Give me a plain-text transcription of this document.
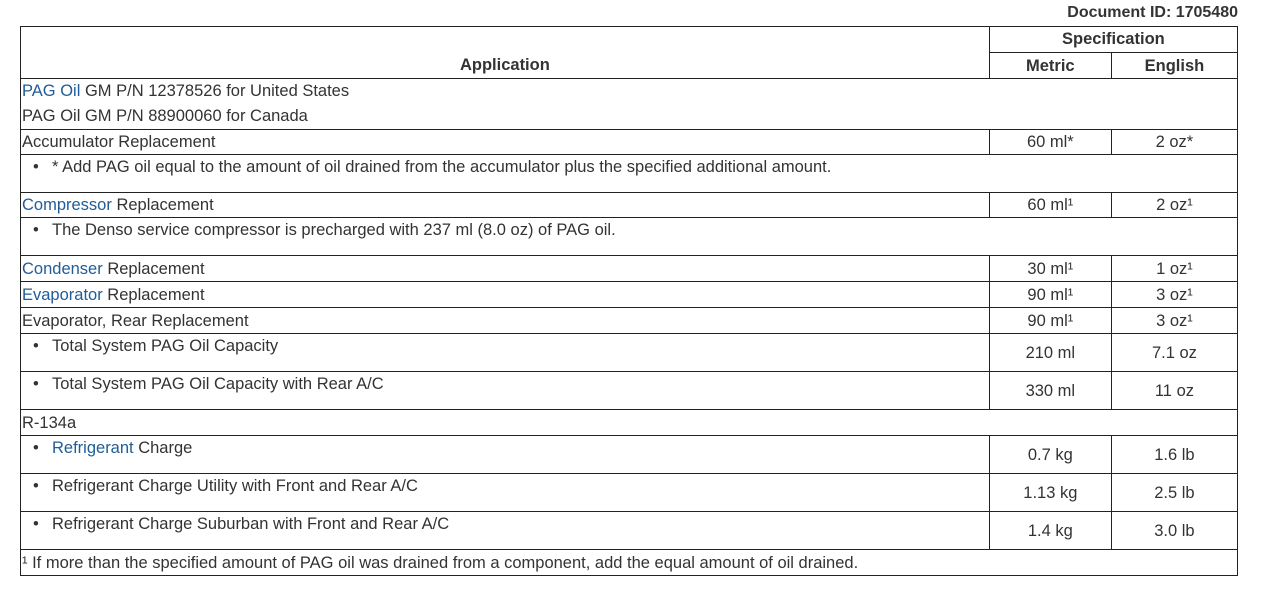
Document ID: 1705480
Application	Specification	
	Metric	English

PAG Oil GM P/N 12378526 for United States
PAG Oil GM P/N 88900060 for Canada		

Accumulator Replacement	60 ml*	2 oz*
• * Add PAG oil equal to the amount of oil drained from the accumulator plus the specified additional amount.		
Compressor Replacement	60 ml¹	2 oz¹
• The Denso service compressor is precharged with 237 ml (8.0 oz) of PAG oil.		
Condenser Replacement	30 ml¹	1 oz¹
Evaporator Replacement	90 ml¹	3 oz¹
Evaporator, Rear Replacement	90 ml¹	3 oz¹
• Total System PAG Oil Capacity	210 ml	7.1 oz
• Total System PAG Oil Capacity with Rear A/C	330 ml	11 oz
R-134a		
• Refrigerant Charge	0.7 kg	1.6 lb
• Refrigerant Charge Utility with Front and Rear A/C	1.13 kg	2.5 lb
• Refrigerant Charge Suburban with Front and Rear A/C	1.4 kg	3.0 lb
¹ If more than the specified amount of PAG oil was drained from a component, add the equal amount of oil drained.		
